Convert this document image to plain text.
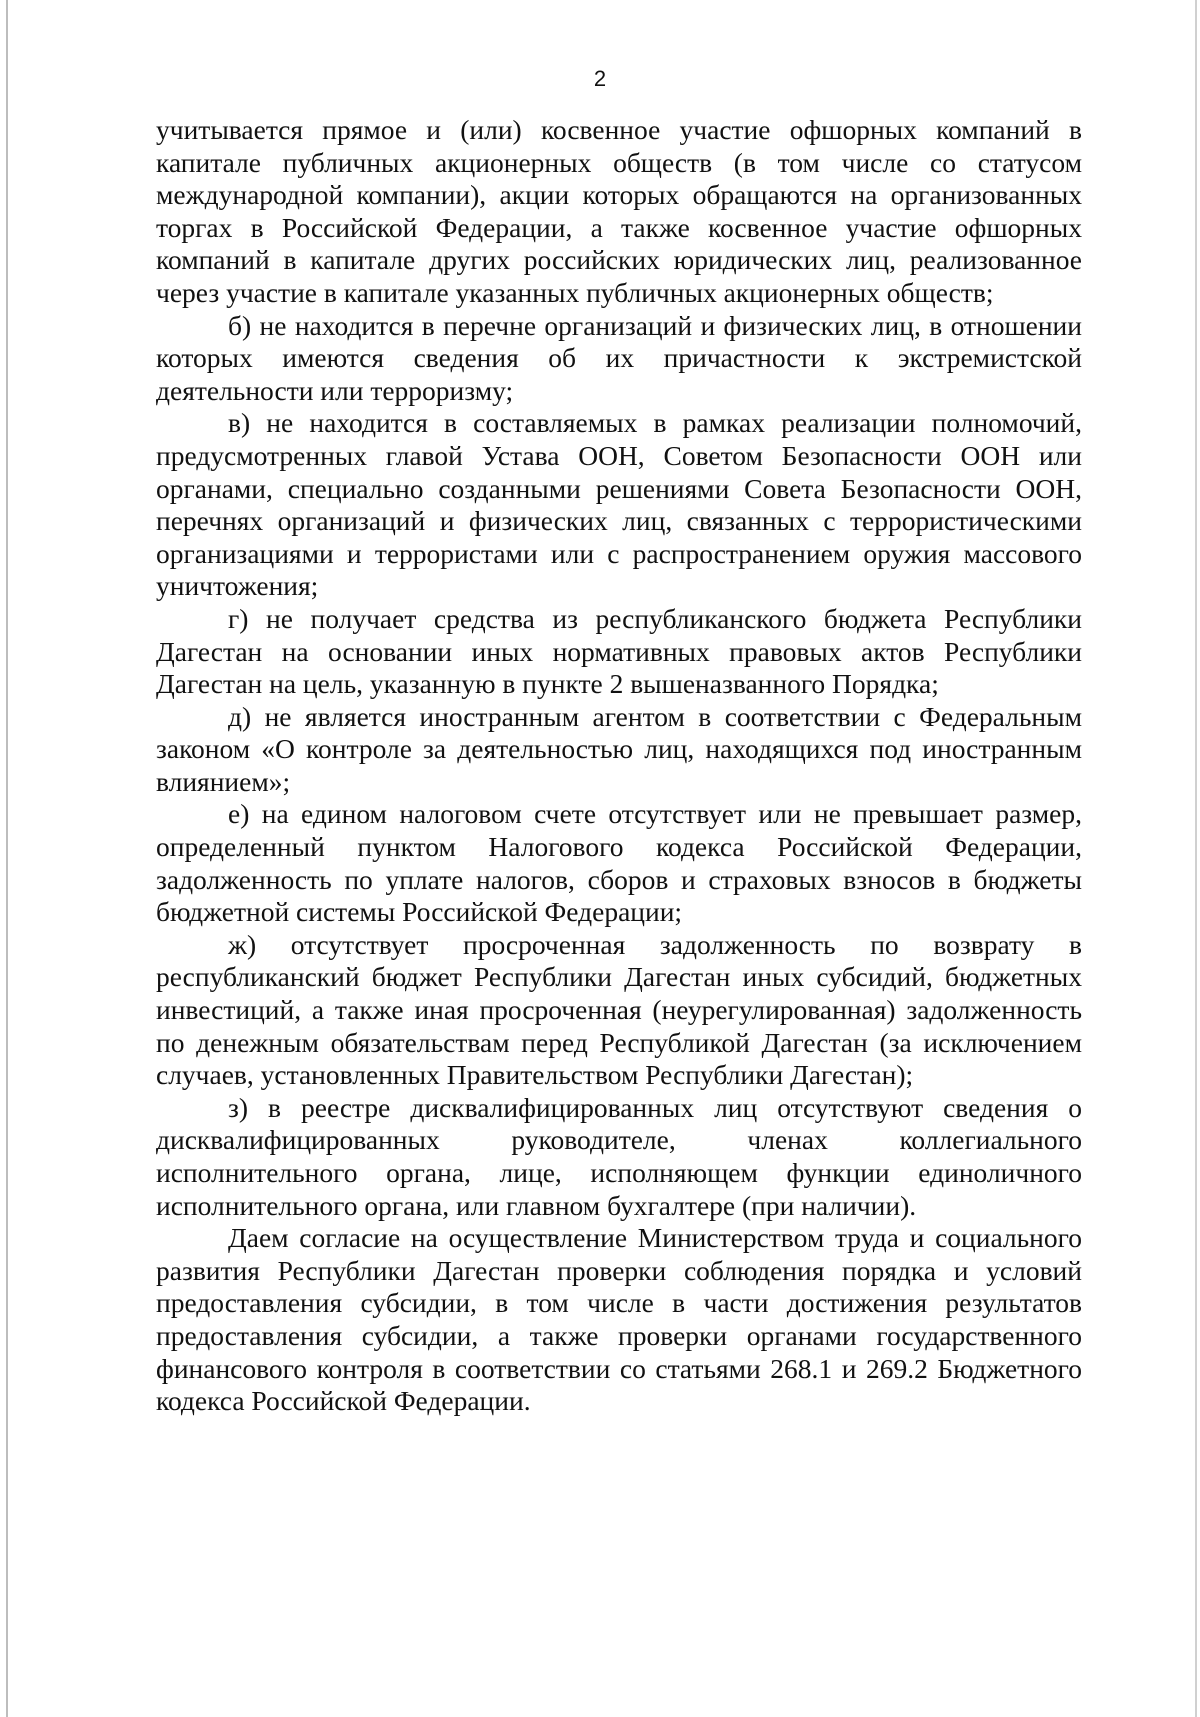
2

учитывается прямое и (или) косвенное участие офшорных компаний в капитале публичных акционерных обществ (в том числе со статусом международной компании), акции которых обращаются на организованных торгах в Российской Федерации, а также косвенное участие офшорных компаний в капитале других российских юридических лиц, реализованное через участие в капитале указанных публичных акционерных обществ;

б) не находится в перечне организаций и физических лиц, в отношении которых имеются сведения об их причастности к экстремистской деятельности или терроризму;

в) не находится в составляемых в рамках реализации полномочий, предусмотренных главой Устава ООН, Советом Безопасности ООН или органами, специально созданными решениями Совета Безопасности ООН, перечнях организаций и физических лиц, связанных с террористическими организациями и террористами или с распространением оружия массового уничтожения;

г) не получает средства из республиканского бюджета Республики Дагестан на основании иных нормативных правовых актов Республики Дагестан на цель, указанную в пункте 2 вышеназванного Порядка;

д) не является иностранным агентом в соответствии с Федеральным законом «О контроле за деятельностью лиц, находящихся под иностранным влиянием»;

е) на едином налоговом счете отсутствует или не превышает размер, определенный пунктом Налогового кодекса Российской Федерации, задолженность по уплате налогов, сборов и страховых взносов в бюджеты бюджетной системы Российской Федерации;

ж) отсутствует просроченная задолженность по возврату в республиканский бюджет Республики Дагестан иных субсидий, бюджетных инвестиций, а также иная просроченная (неурегулированная) задолженность по денежным обязательствам перед Республикой Дагестан (за исключением случаев, установленных Правительством Республики Дагестан);

з) в реестре дисквалифицированных лиц отсутствуют сведения о дисквалифицированных руководителе, членах коллегиального исполнительного органа, лице, исполняющем функции единоличного исполнительного органа, или главном бухгалтере (при наличии).

Даем согласие на осуществление Министерством труда и социального развития Республики Дагестан проверки соблюдения порядка и условий предоставления субсидии, в том числе в части достижения результатов предоставления субсидии, а также проверки органами государственного финансового контроля в соответствии со статьями 268.1 и 269.2 Бюджетного кодекса Российской Федерации.
